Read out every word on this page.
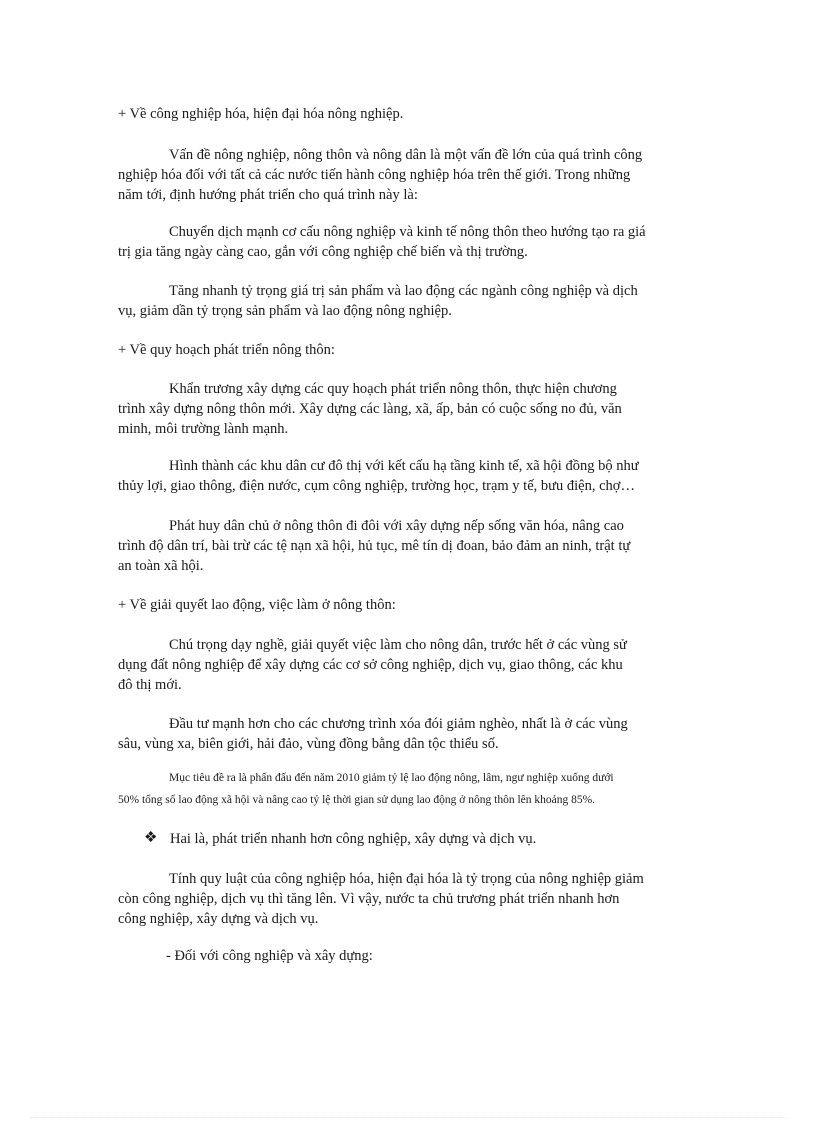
+ Về công nghiệp hóa, hiện đại hóa nông nghiệp.

Vấn đề nông nghiệp, nông thôn và nông dân là một vấn đề lớn của quá trình công
nghiệp hóa đối với tất cả các nước tiến hành công nghiệp hóa trên thế giới. Trong những
năm tới, định hướng phát triển cho quá trình này là:

Chuyển dịch mạnh cơ cấu nông nghiệp và kinh tế nông thôn theo hướng tạo ra giá
trị gia tăng ngày càng cao, gắn với công nghiệp chế biến và thị trường.

Tăng nhanh tỷ trọng giá trị sản phẩm và lao động các ngành công nghiệp và dịch
vụ, giảm dần tỷ trọng sản phẩm và lao động nông nghiệp.

+ Về quy hoạch phát triển nông thôn:

Khẩn trương xây dựng các quy hoạch phát triển nông thôn, thực hiện chương
trình xây dựng nông thôn mới. Xây dựng các làng, xã, ấp, bản có cuộc sống no đủ, văn
minh, môi trường lành mạnh.

Hình thành các khu dân cư đô thị với kết cấu hạ tầng kinh tế, xã hội đồng bộ như
thủy lợi, giao thông, điện nước, cụm công nghiệp, trường học, trạm y tế, bưu điện, chợ…

Phát huy dân chủ ở nông thôn đi đôi với xây dựng nếp sống văn hóa, nâng cao
trình độ dân trí, bài trừ các tệ nạn xã hội, hủ tục, mê tín dị đoan, bảo đảm an ninh, trật tự
an toàn xã hội.

+ Về giải quyết lao động, việc làm ở nông thôn:

Chú trọng dạy nghề, giải quyết việc làm cho nông dân, trước hết ở các vùng sử
dụng đất nông nghiệp để xây dựng các cơ sở công nghiệp, dịch vụ, giao thông, các khu
đô thị mới.

Đầu tư mạnh hơn cho các chương trình xóa đói giảm nghèo, nhất là ở các vùng
sâu, vùng xa, biên giới, hải đảo, vùng đồng bằng dân tộc thiểu số.

Mục tiêu đề ra là phấn đấu đến năm 2010 giảm tỷ lệ lao động nông, lâm, ngư nghiệp xuống dưới
50% tổng số lao động xã hội và nâng cao tỷ lệ thời gian sử dụng lao động ở nông thôn lên khoảng 85%.

❖ Hai là, phát triển nhanh hơn công nghiệp, xây dựng và dịch vụ.

Tính quy luật của công nghiệp hóa, hiện đại hóa là tỷ trọng của nông nghiệp giảm
còn công nghiệp, dịch vụ thì tăng lên. Vì vậy, nước ta chủ trương phát triển nhanh hơn
công nghiệp, xây dựng và dịch vụ.

- Đối với công nghiệp và xây dựng:
